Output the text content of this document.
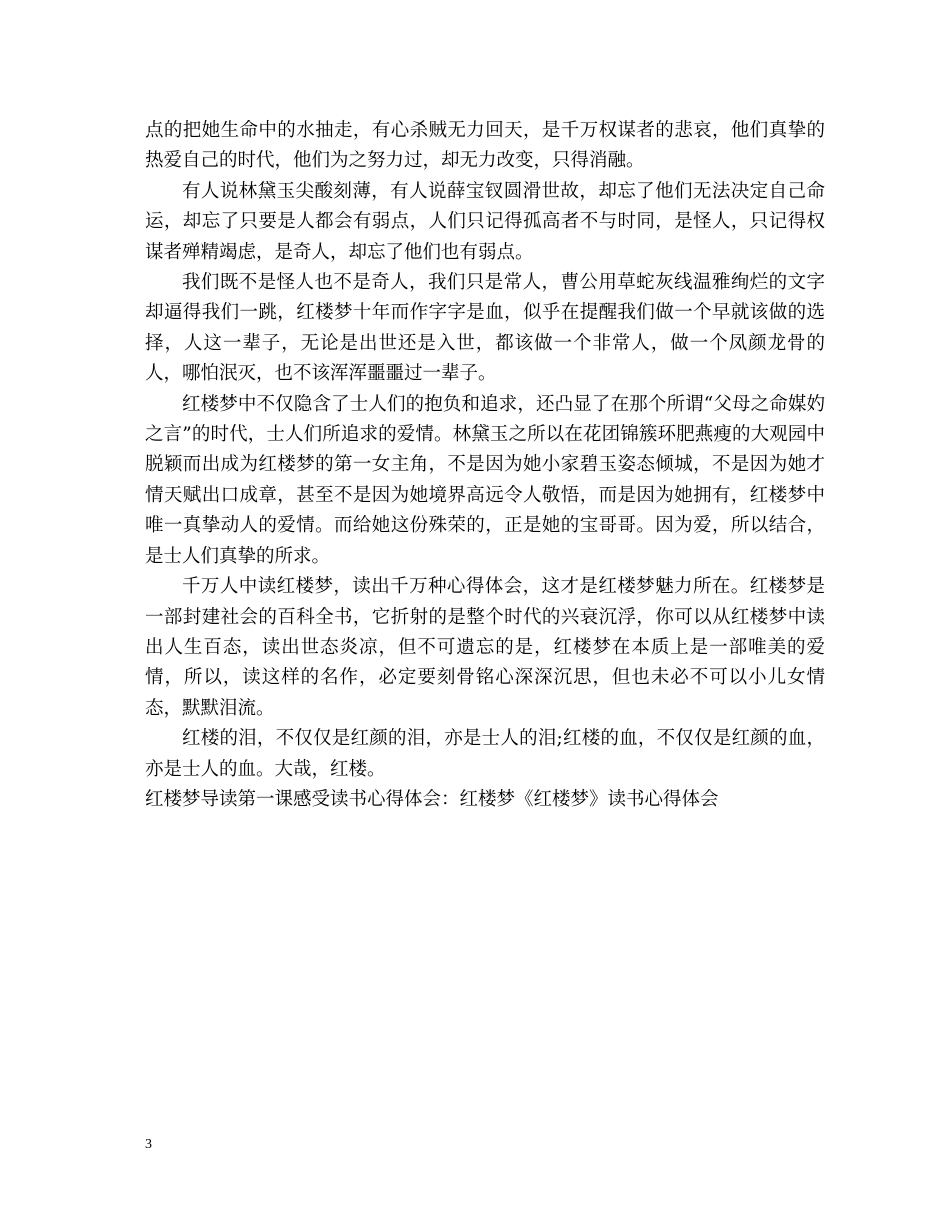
点的把她生命中的水抽走，有心杀贼无力回天，是千万权谋者的悲哀，他们真挚的热爱自己的时代，他们为之努力过，却无力改变，只得消融。

有人说林黛玉尖酸刻薄，有人说薛宝钗圆滑世故，却忘了他们无法决定自己命运，却忘了只要是人都会有弱点，人们只记得孤高者不与时同，是怪人，只记得权谋者殚精竭虑，是奇人，却忘了他们也有弱点。

我们既不是怪人也不是奇人，我们只是常人，曹公用草蛇灰线温雅绚烂的文字却逼得我们一跳，红楼梦十年而作字字是血，似乎在提醒我们做一个早就该做的选择，人这一辈子，无论是出世还是入世，都该做一个非常人，做一个凤颜龙骨的人，哪怕泯灭，也不该浑浑噩噩过一辈子。

红楼梦中不仅隐含了士人们的抱负和追求，还凸显了在那个所谓“父母之命媒妁之言”的时代，士人们所追求的爱情。林黛玉之所以在花团锦簇环肥燕瘦的大观园中脱颖而出成为红楼梦的第一女主角，不是因为她小家碧玉姿态倾城，不是因为她才情天赋出口成章，甚至不是因为她境界高远令人敬悟，而是因为她拥有，红楼梦中唯一真挚动人的爱情。而给她这份殊荣的，正是她的宝哥哥。因为爱，所以结合，是士人们真挚的所求。

千万人中读红楼梦，读出千万种心得体会，这才是红楼梦魅力所在。红楼梦是一部封建社会的百科全书，它折射的是整个时代的兴衰沉浮，你可以从红楼梦中读出人生百态，读出世态炎凉，但不可遗忘的是，红楼梦在本质上是一部唯美的爱情，所以，读这样的名作，必定要刻骨铭心深深沉思，但也未必不可以小儿女情态，默默泪流。

红楼的泪，不仅仅是红颜的泪，亦是士人的泪;红楼的血，不仅仅是红颜的血，亦是士人的血。大哉，红楼。

红楼梦导读第一课感受读书心得体会：红楼梦《红楼梦》读书心得体会

3
